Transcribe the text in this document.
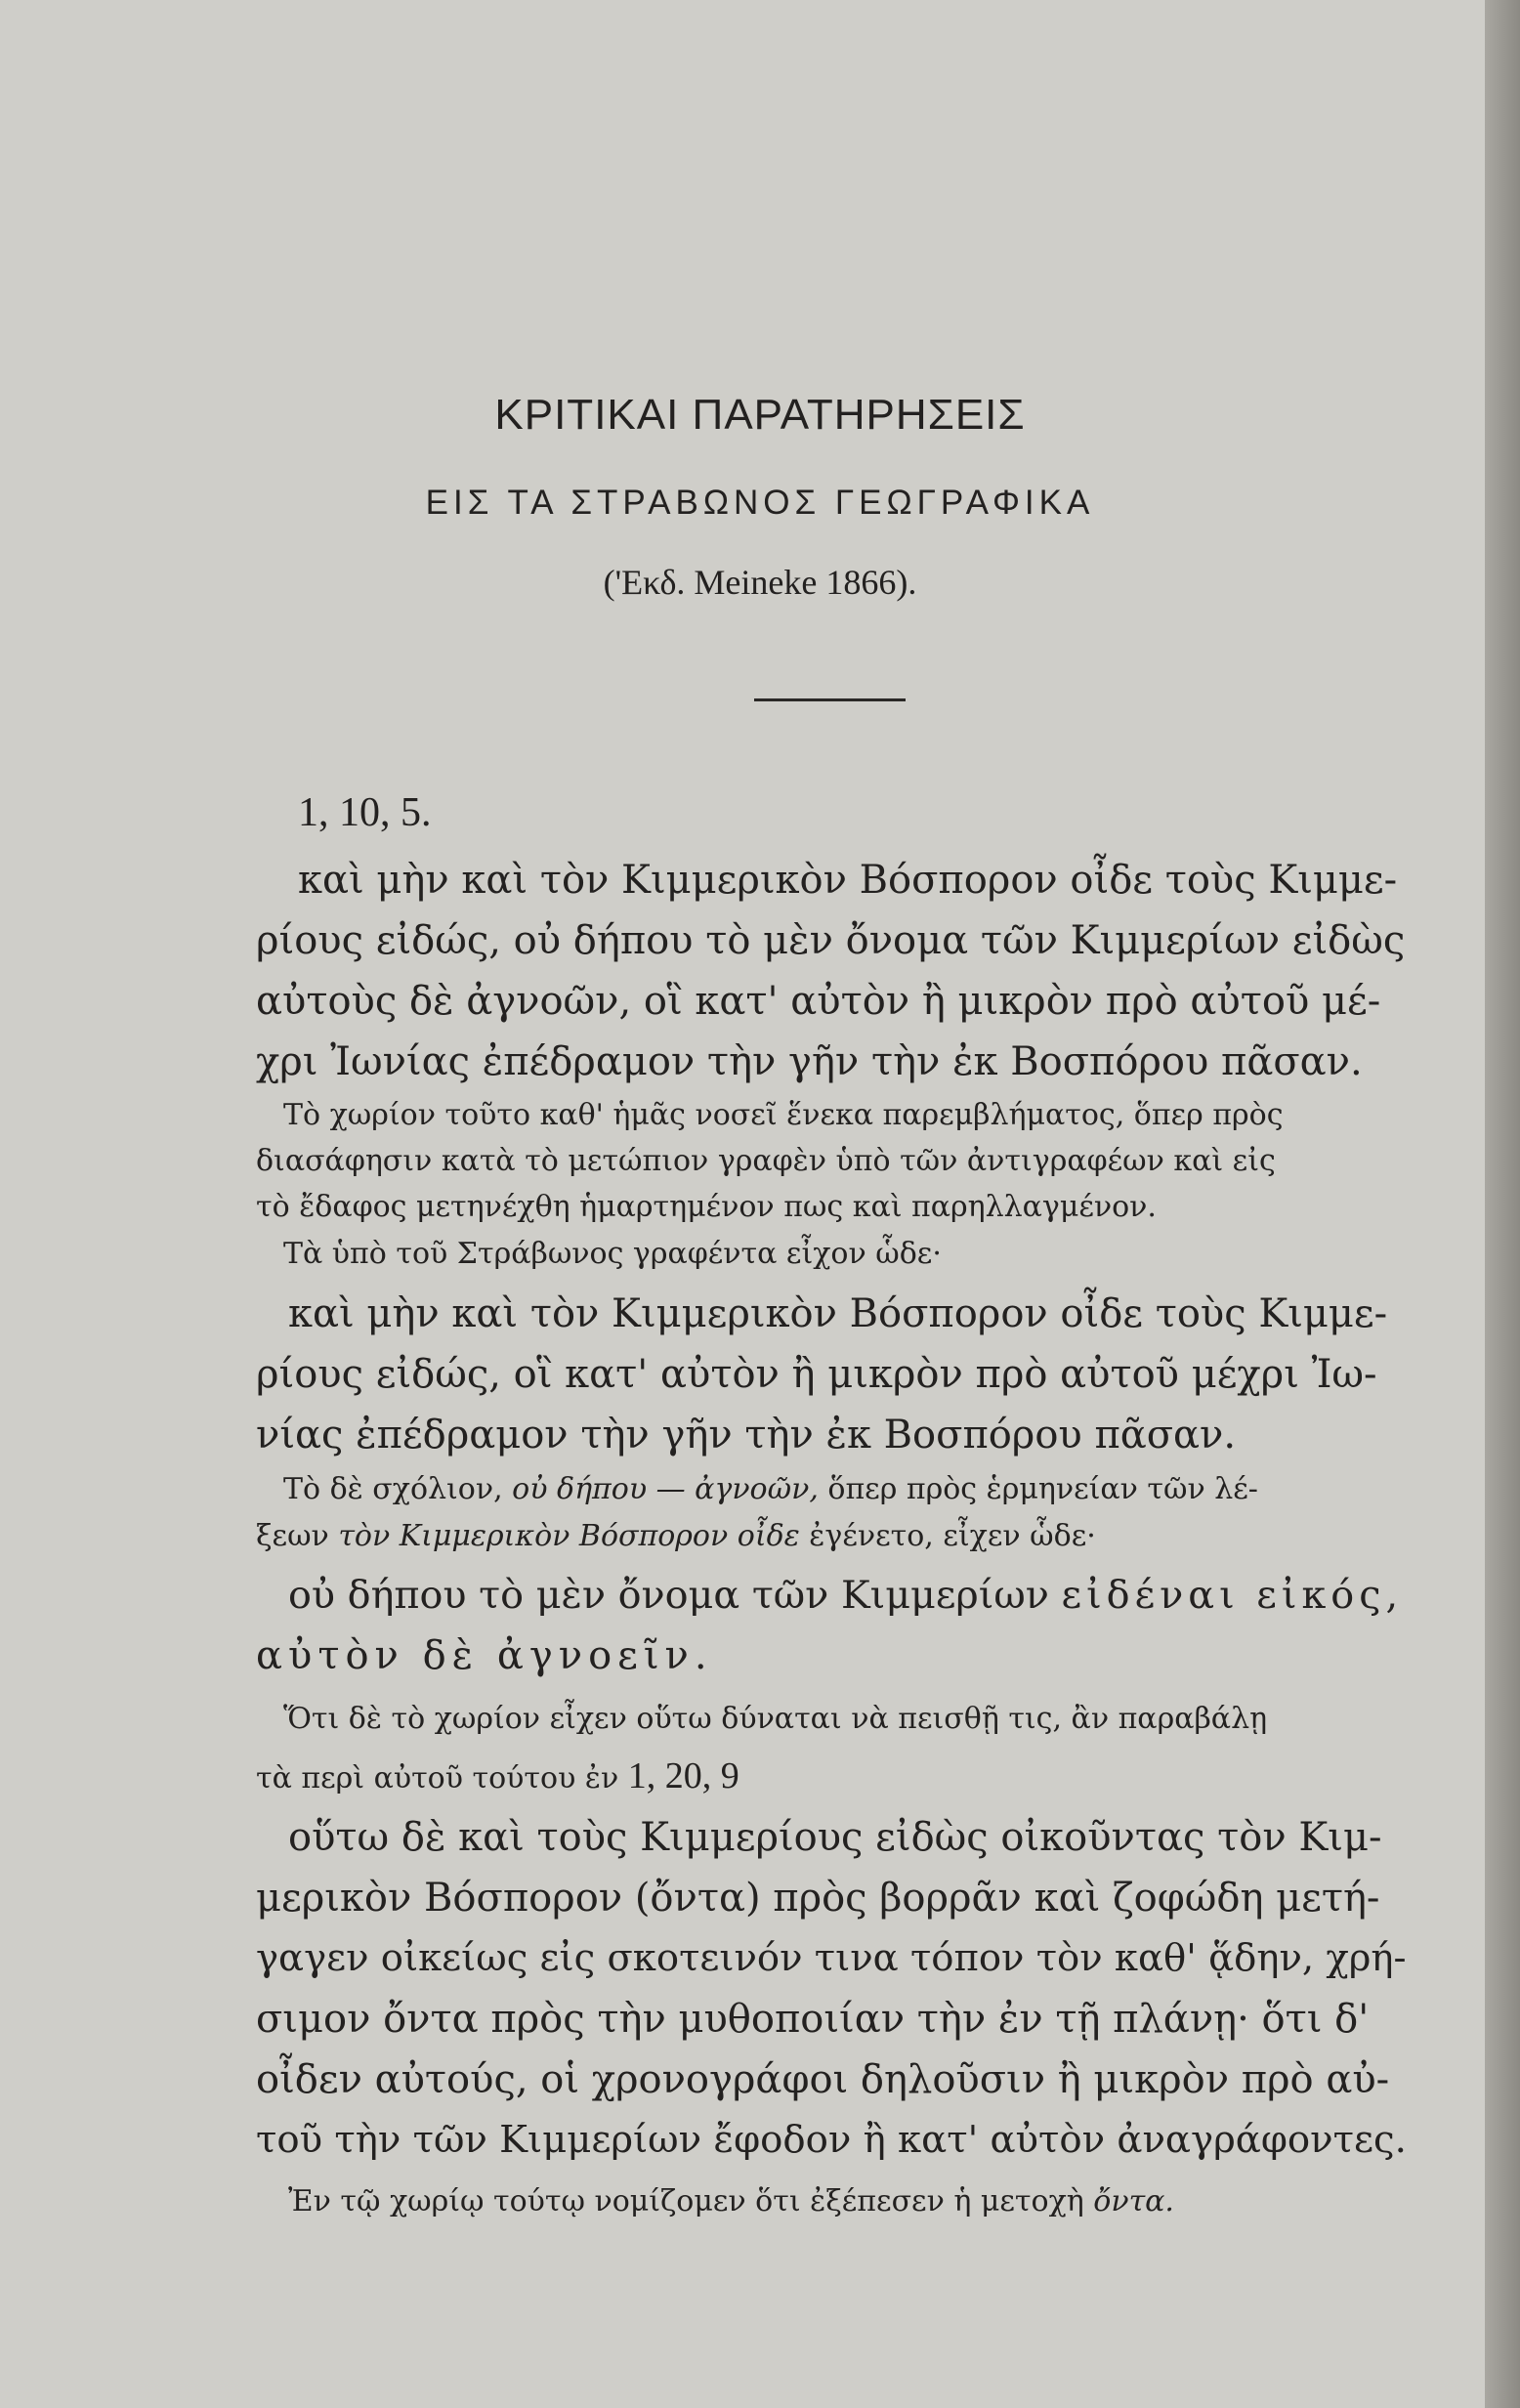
ΚΡΙΤΙΚΑΙ ΠΑΡΑΤΗΡΗΣΕΙΣ
ΕΙΣ ΤΑ ΣΤΡΑΒΩΝΟΣ ΓΕΩΓΡΑΦΙΚΑ
('Εκδ. Meineke 1866).
1, 10, 5.
καὶ μὴν καὶ τὸν Κιμμερικὸν Βόσπορον οἶδε τοὺς Κιμμε-
ρίους εἰδώς, οὐ δήπου τὸ μὲν ὄνομα τῶν Κιμμερίων εἰδὼς
αὐτοὺς δὲ ἀγνοῶν, οἳ κατ' αὐτὸν ἢ μικρὸν πρὸ αὐτοῦ μέ-
χρι Ἰωνίας ἐπέδραμον τὴν γῆν τὴν ἐκ Βοσπόρου πᾶσαν.
Τὸ χωρίον τοῦτο καθ' ἡμᾶς νοσεῖ ἕνεκα παρεμβλήματος, ὅπερ πρὸς
διασάφησιν κατὰ τὸ μετώπιον γραφὲν ὑπὸ τῶν ἀντιγραφέων καὶ εἰς
τὸ ἔδαφος μετηνέχθη ἡμαρτημένον πως καὶ παρηλλαγμένον.
Τὰ ὑπὸ τοῦ Στράβωνος γραφέντα εἶχον ὧδε·
καὶ μὴν καὶ τὸν Κιμμερικὸν Βόσπορον οἶδε τοὺς Κιμμε-
ρίους εἰδώς, οἳ κατ' αὐτὸν ἢ μικρὸν πρὸ αὐτοῦ μέχρι Ἰω-
νίας ἐπέδραμον τὴν γῆν τὴν ἐκ Βοσπόρου πᾶσαν.
Τὸ δὲ σχόλιον, οὐ δήπου — ἀγνοῶν, ὅπερ πρὸς ἑρμηνείαν τῶν λέ-
ξεων τὸν Κιμμερικὸν Βόσπορον οἶδε ἐγένετο, εἶχεν ὧδε·
οὐ δήπου τὸ μὲν ὄνομα τῶν Κιμμερίων εἰδέναι εἰκός,
αὐτὸν δὲ ἀγνοεῖν.
Ὅτι δὲ τὸ χωρίον εἶχεν οὕτω δύναται νὰ πεισθῇ τις, ἂν παραβάλῃ
τὰ περὶ αὐτοῦ τούτου ἐν 1, 20, 9
οὕτω δὲ καὶ τοὺς Κιμμερίους εἰδὼς οἰκοῦντας τὸν Κιμ-
μερικὸν Βόσπορον (ὄντα) πρὸς βορρᾶν καὶ ζοφώδη μετή-
γαγεν οἰκείως εἰς σκοτεινόν τινα τόπον τὸν καθ' ᾅδην, χρή-
σιμον ὄντα πρὸς τὴν μυθοποιίαν τὴν ἐν τῇ πλάνῃ· ὅτι δ'
οἶδεν αὐτούς, οἱ χρονογράφοι δηλοῦσιν ἢ μικρὸν πρὸ αὐ-
τοῦ τὴν τῶν Κιμμερίων ἔφοδον ἢ κατ' αὐτὸν ἀναγράφοντες.
Ἐν τῷ χωρίῳ τούτῳ νομίζομεν ὅτι ἐξέπεσεν ἡ μετοχὴ ὄντα.
